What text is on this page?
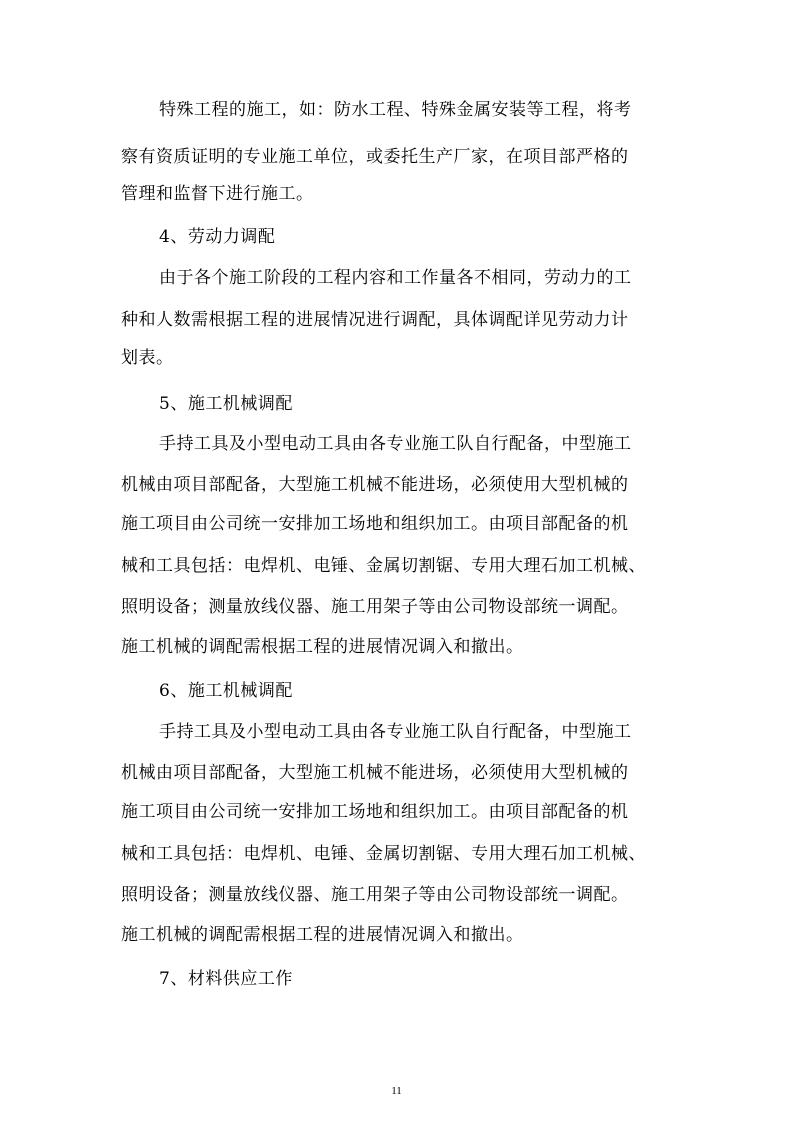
特殊工程的施工，如：防水工程、特殊金属安装等工程，将考
察有资质证明的专业施工单位，或委托生产厂家，在项目部严格的
管理和监督下进行施工。
4、劳动力调配
由于各个施工阶段的工程内容和工作量各不相同，劳动力的工
种和人数需根据工程的进展情况进行调配，具体调配详见劳动力计
划表。
5、施工机械调配
手持工具及小型电动工具由各专业施工队自行配备，中型施工
机械由项目部配备，大型施工机械不能进场，必须使用大型机械的
施工项目由公司统一安排加工场地和组织加工。由项目部配备的机
械和工具包括：电焊机、电锤、金属切割锯、专用大理石加工机械、
照明设备；测量放线仪器、施工用架子等由公司物设部统一调配。
施工机械的调配需根据工程的进展情况调入和撤出。
6、施工机械调配
手持工具及小型电动工具由各专业施工队自行配备，中型施工
机械由项目部配备，大型施工机械不能进场，必须使用大型机械的
施工项目由公司统一安排加工场地和组织加工。由项目部配备的机
械和工具包括：电焊机、电锤、金属切割锯、专用大理石加工机械、
照明设备；测量放线仪器、施工用架子等由公司物设部统一调配。
施工机械的调配需根据工程的进展情况调入和撤出。
7、材料供应工作
11
